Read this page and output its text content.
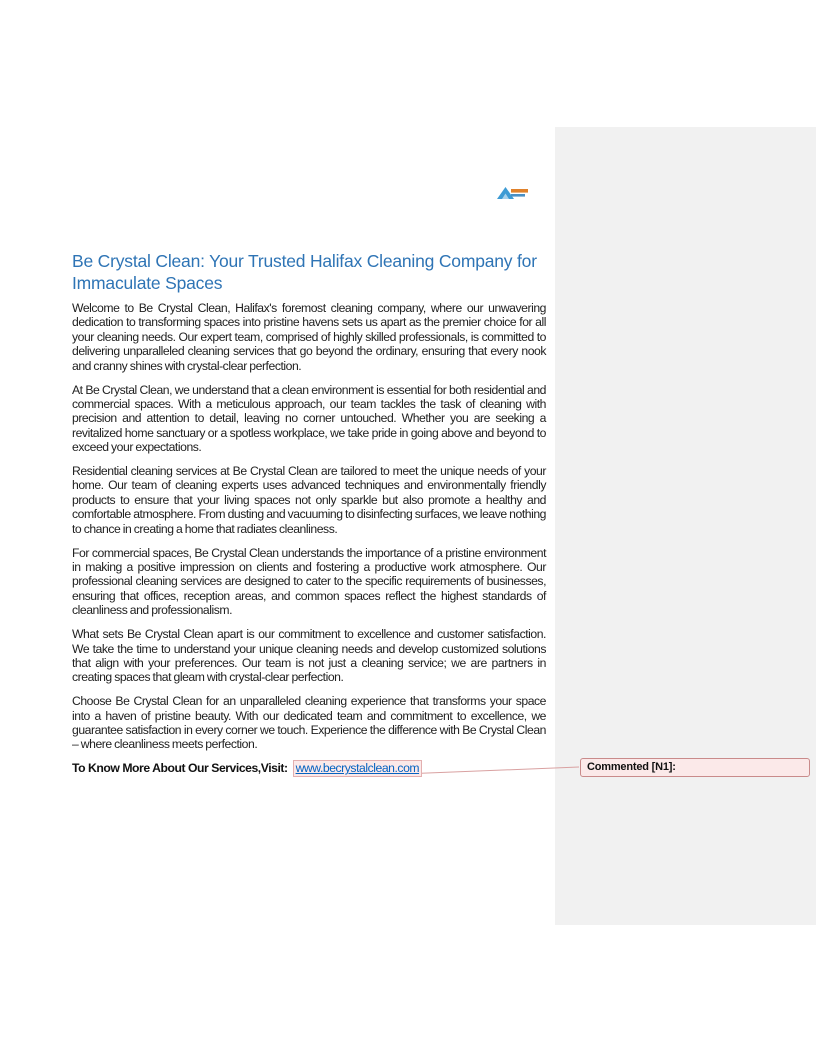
Be Crystal Clean: Your Trusted Halifax Cleaning Company for Immaculate Spaces

Welcome to Be Crystal Clean, Halifax's foremost cleaning company, where our unwavering dedication to transforming spaces into pristine havens sets us apart as the premier choice for all your cleaning needs. Our expert team, comprised of highly skilled professionals, is committed to delivering unparalleled cleaning services that go beyond the ordinary, ensuring that every nook and cranny shines with crystal-clear perfection.

At Be Crystal Clean, we understand that a clean environment is essential for both residential and commercial spaces. With a meticulous approach, our team tackles the task of cleaning with precision and attention to detail, leaving no corner untouched. Whether you are seeking a revitalized home sanctuary or a spotless workplace, we take pride in going above and beyond to exceed your expectations.

Residential cleaning services at Be Crystal Clean are tailored to meet the unique needs of your home. Our team of cleaning experts uses advanced techniques and environmentally friendly products to ensure that your living spaces not only sparkle but also promote a healthy and comfortable atmosphere. From dusting and vacuuming to disinfecting surfaces, we leave nothing to chance in creating a home that radiates cleanliness.

For commercial spaces, Be Crystal Clean understands the importance of a pristine environment in making a positive impression on clients and fostering a productive work atmosphere. Our professional cleaning services are designed to cater to the specific requirements of businesses, ensuring that offices, reception areas, and common spaces reflect the highest standards of cleanliness and professionalism.

What sets Be Crystal Clean apart is our commitment to excellence and customer satisfaction. We take the time to understand your unique cleaning needs and develop customized solutions that align with your preferences. Our team is not just a cleaning service; we are partners in creating spaces that gleam with crystal-clear perfection.

Choose Be Crystal Clean for an unparalleled cleaning experience that transforms your space into a haven of pristine beauty. With our dedicated team and commitment to excellence, we guarantee satisfaction in every corner we touch. Experience the difference with Be Crystal Clean – where cleanliness meets perfection.

To Know More About Our Services,Visit: www.becrystalclean.com	Commented [N1]:
